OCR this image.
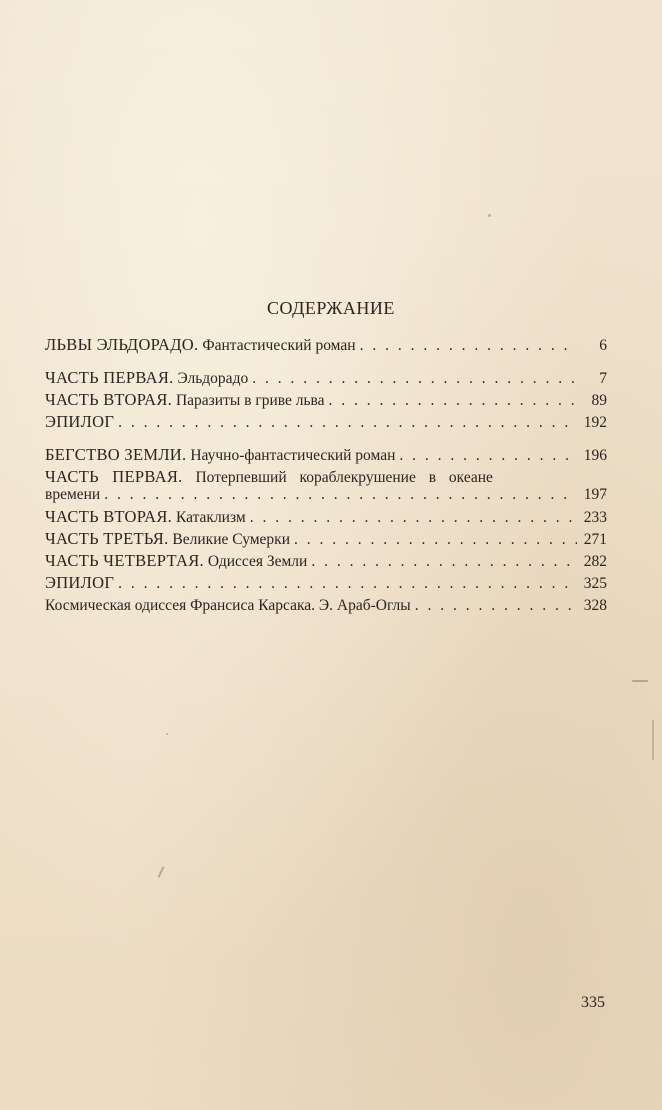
СОДЕРЖАНИЕ
ЛЬВЫ ЭЛЬДОРАДО. Фантастический роман . . .	6
ЧАСТЬ ПЕРВАЯ. Эльдорадо . . .	7
ЧАСТЬ ВТОРАЯ. Паразиты в гриве льва . . .	89
ЭПИЛОГ . . .	192
БЕГСТВО ЗЕМЛИ. Научно-фантастический роман . . .	196
ЧАСТЬ ПЕРВАЯ. Потерпевший кораблекрушение в океане
времени . . .	197
ЧАСТЬ ВТОРАЯ. Катаклизм . . .	233
ЧАСТЬ ТРЕТЬЯ. Великие Сумерки . . .	271
ЧАСТЬ ЧЕТВЕРТАЯ. Одиссея Земли . . .	282
ЭПИЛОГ . . .	325
Космическая одиссея Франсиса Карсака. Э. Араб-Оглы . . .	328
335
